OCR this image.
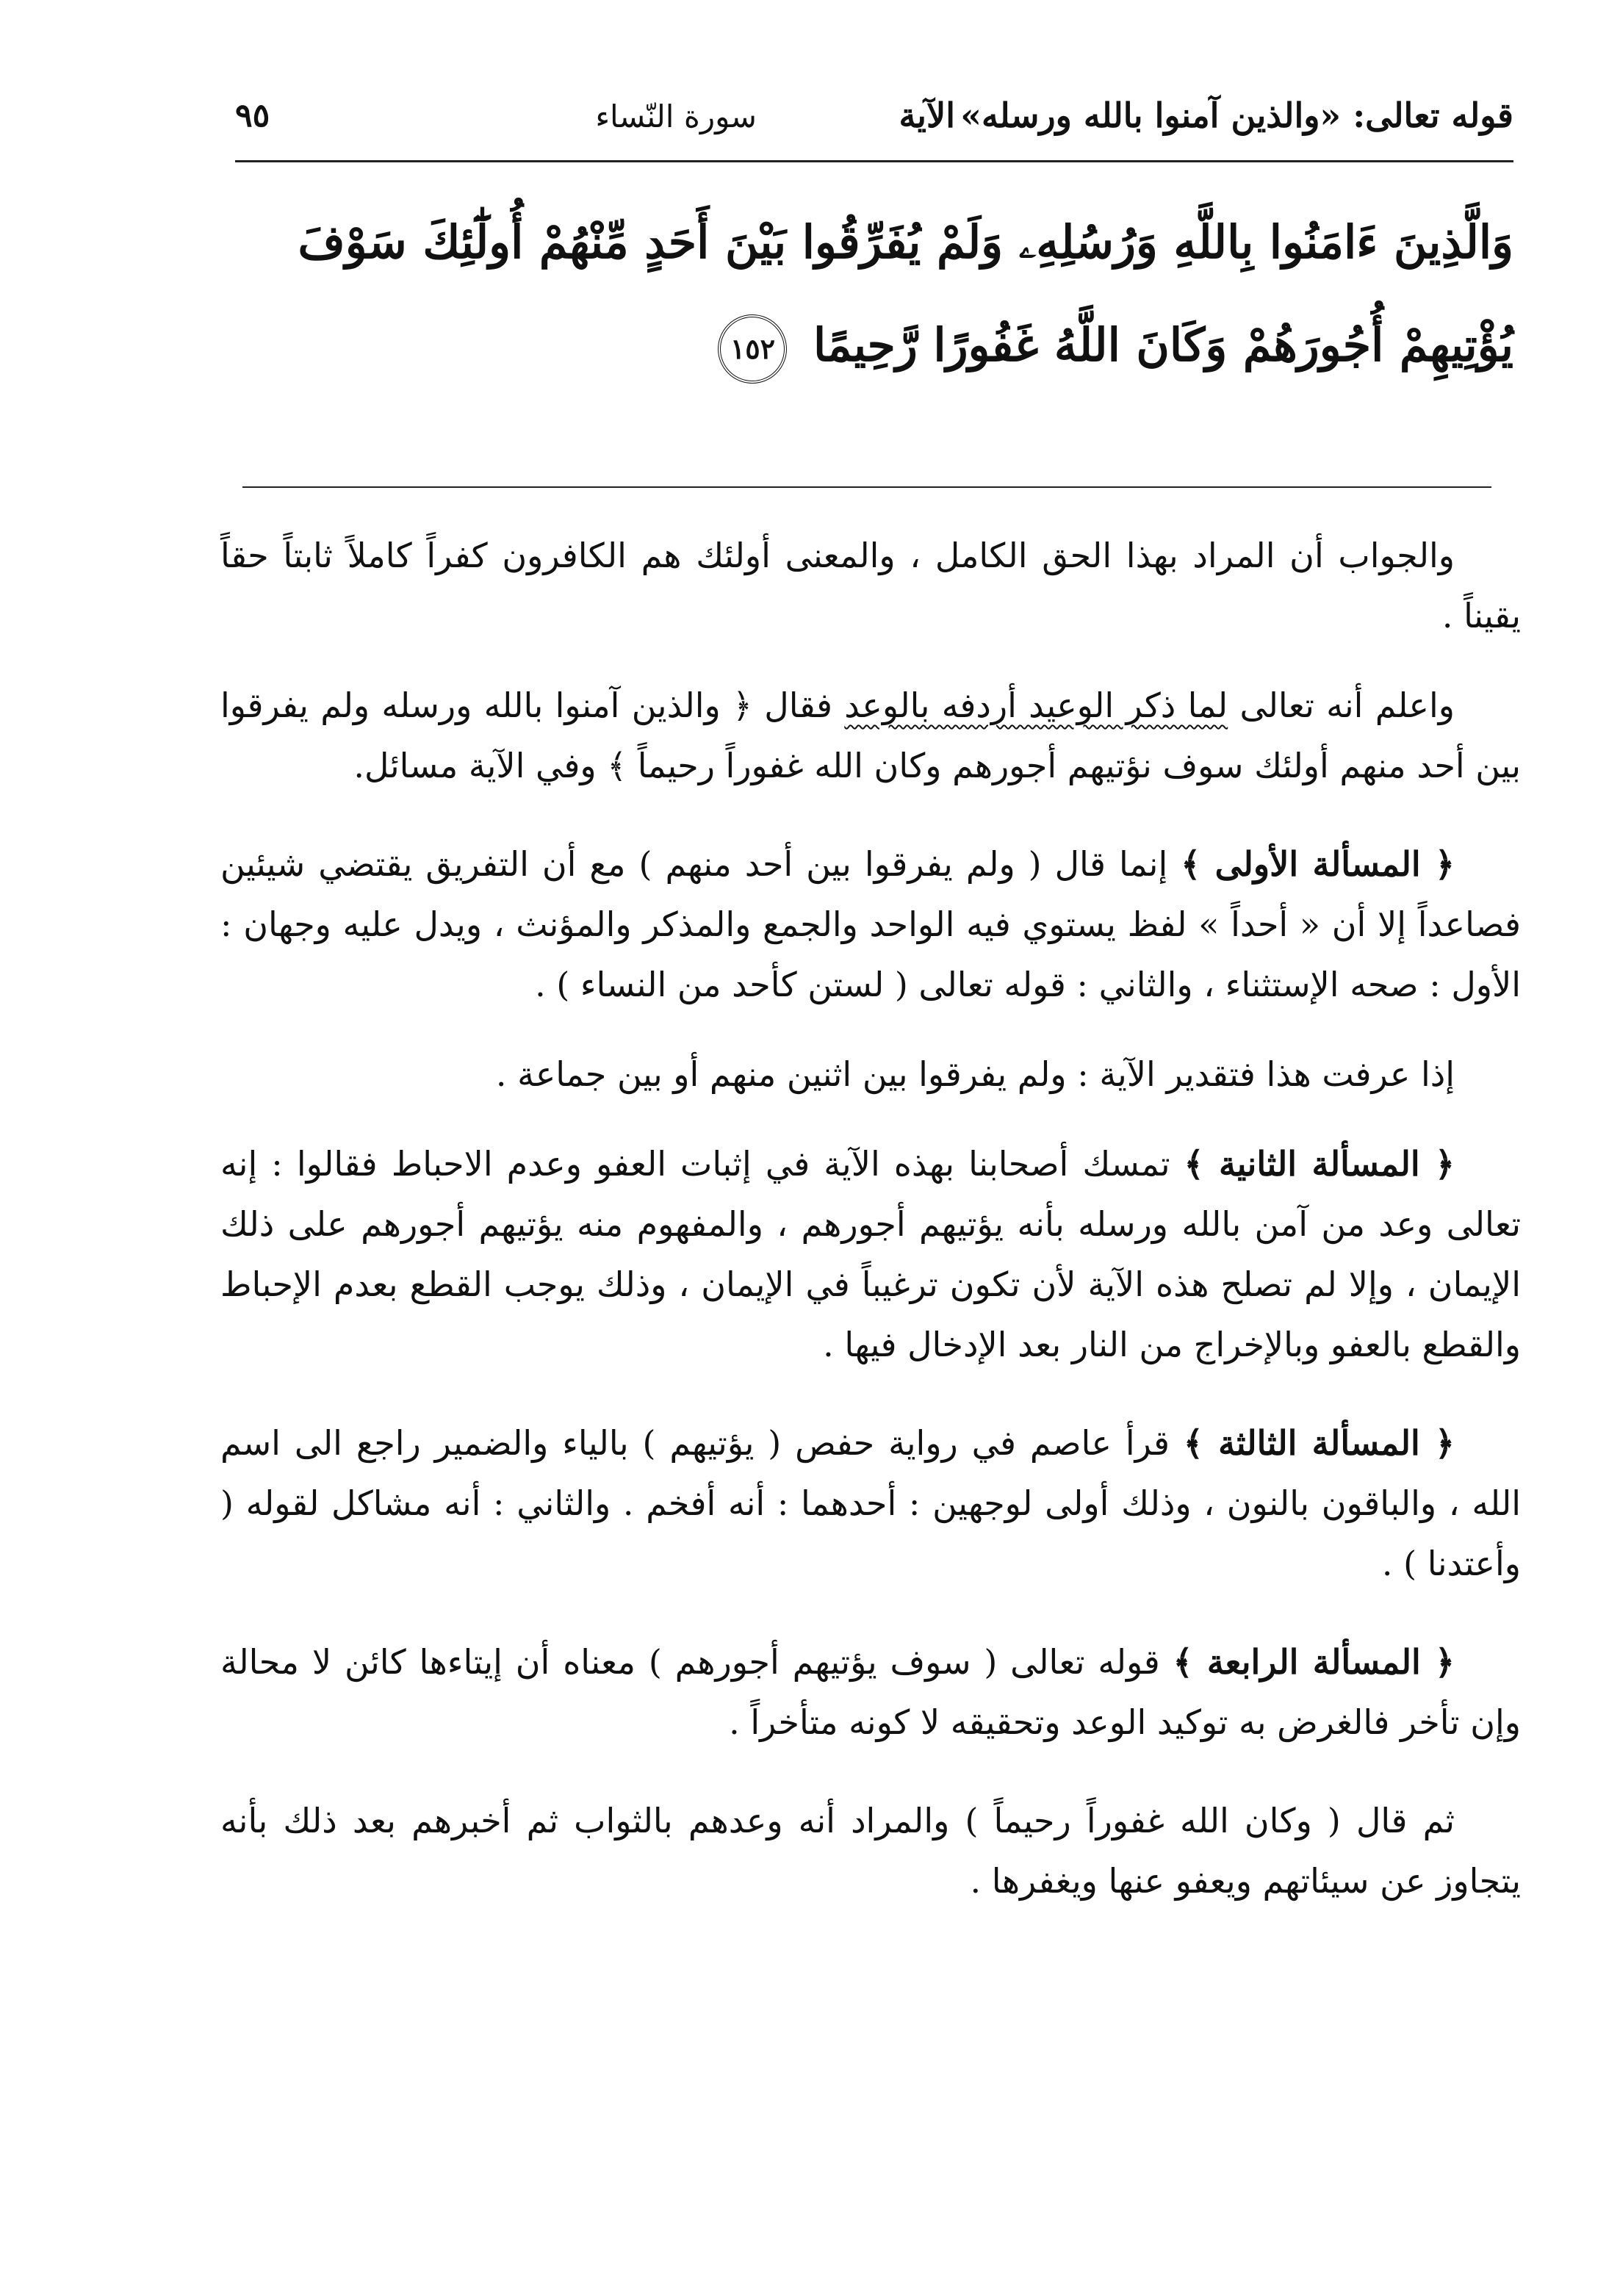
قوله تعالى: «والذين آمنوا بالله ورسله»
الآية
سورة النّساء
٩٥
وَالَّذِينَ ءَامَنُوا بِاللَّهِ وَرُسُلِهِۦ وَلَمْ يُفَرِّقُوا بَيْنَ أَحَدٍ مِّنْهُمْ أُولَٰٓئِكَ سَوْفَ يُؤْتِيهِمْ أُجُورَهُمْ وَكَانَ اللَّهُ غَفُورًا رَّحِيمًا ١٥٢

والجواب أن المراد بهذا الحق الكامل ، والمعنى أولئك هم الكافرون كفراً كاملاً ثابتاً حقاً يقيناً .

واعلم أنه تعالى لما ذكر الوعيد أردفه بالوعد فقال ﴿ والذين آمنوا بالله ورسله ولم يفرقوا بين أحد منهم أولئك سوف نؤتيهم أجورهم وكان الله غفوراً رحيماً ﴾ وفي الآية مسائل.

﴿ المسألة الأولى ﴾ إنما قال ( ولم يفرقوا بين أحد منهم ) مع أن التفريق يقتضي شيئين فصاعداً إلا أن « أحداً » لفظ يستوي فيه الواحد والجمع والمذكر والمؤنث ، ويدل عليه وجهان : الأول : صحه الإستثناء ، والثاني : قوله تعالى ( لستن كأحد من النساء ) .

إذا عرفت هذا فتقدير الآية : ولم يفرقوا بين اثنين منهم أو بين جماعة .

﴿ المسألة الثانية ﴾ تمسك أصحابنا بهذه الآية في إثبات العفو وعدم الاحباط فقالوا : إنه تعالى وعد من آمن بالله ورسله بأنه يؤتيهم أجورهم ، والمفهوم منه يؤتيهم أجورهم على ذلك الإيمان ، وإلا لم تصلح هذه الآية لأن تكون ترغيباً في الإيمان ، وذلك يوجب القطع بعدم الإحباط والقطع بالعفو وبالإخراج من النار بعد الإدخال فيها .

﴿ المسألة الثالثة ﴾ قرأ عاصم في رواية حفص ( يؤتيهم ) بالياء والضمير راجع الى اسم الله ، والباقون بالنون ، وذلك أولى لوجهين : أحدهما : أنه أفخم . والثاني : أنه مشاكل لقوله ( وأعتدنا ) .

﴿ المسألة الرابعة ﴾ قوله تعالى ( سوف يؤتيهم أجورهم ) معناه أن إيتاءها كائن لا محالة وإن تأخر فالغرض به توكيد الوعد وتحقيقه لا كونه متأخراً .

ثم قال ( وكان الله غفوراً رحيماً ) والمراد أنه وعدهم بالثواب ثم أخبرهم بعد ذلك بأنه يتجاوز عن سيئاتهم ويعفو عنها ويغفرها .
